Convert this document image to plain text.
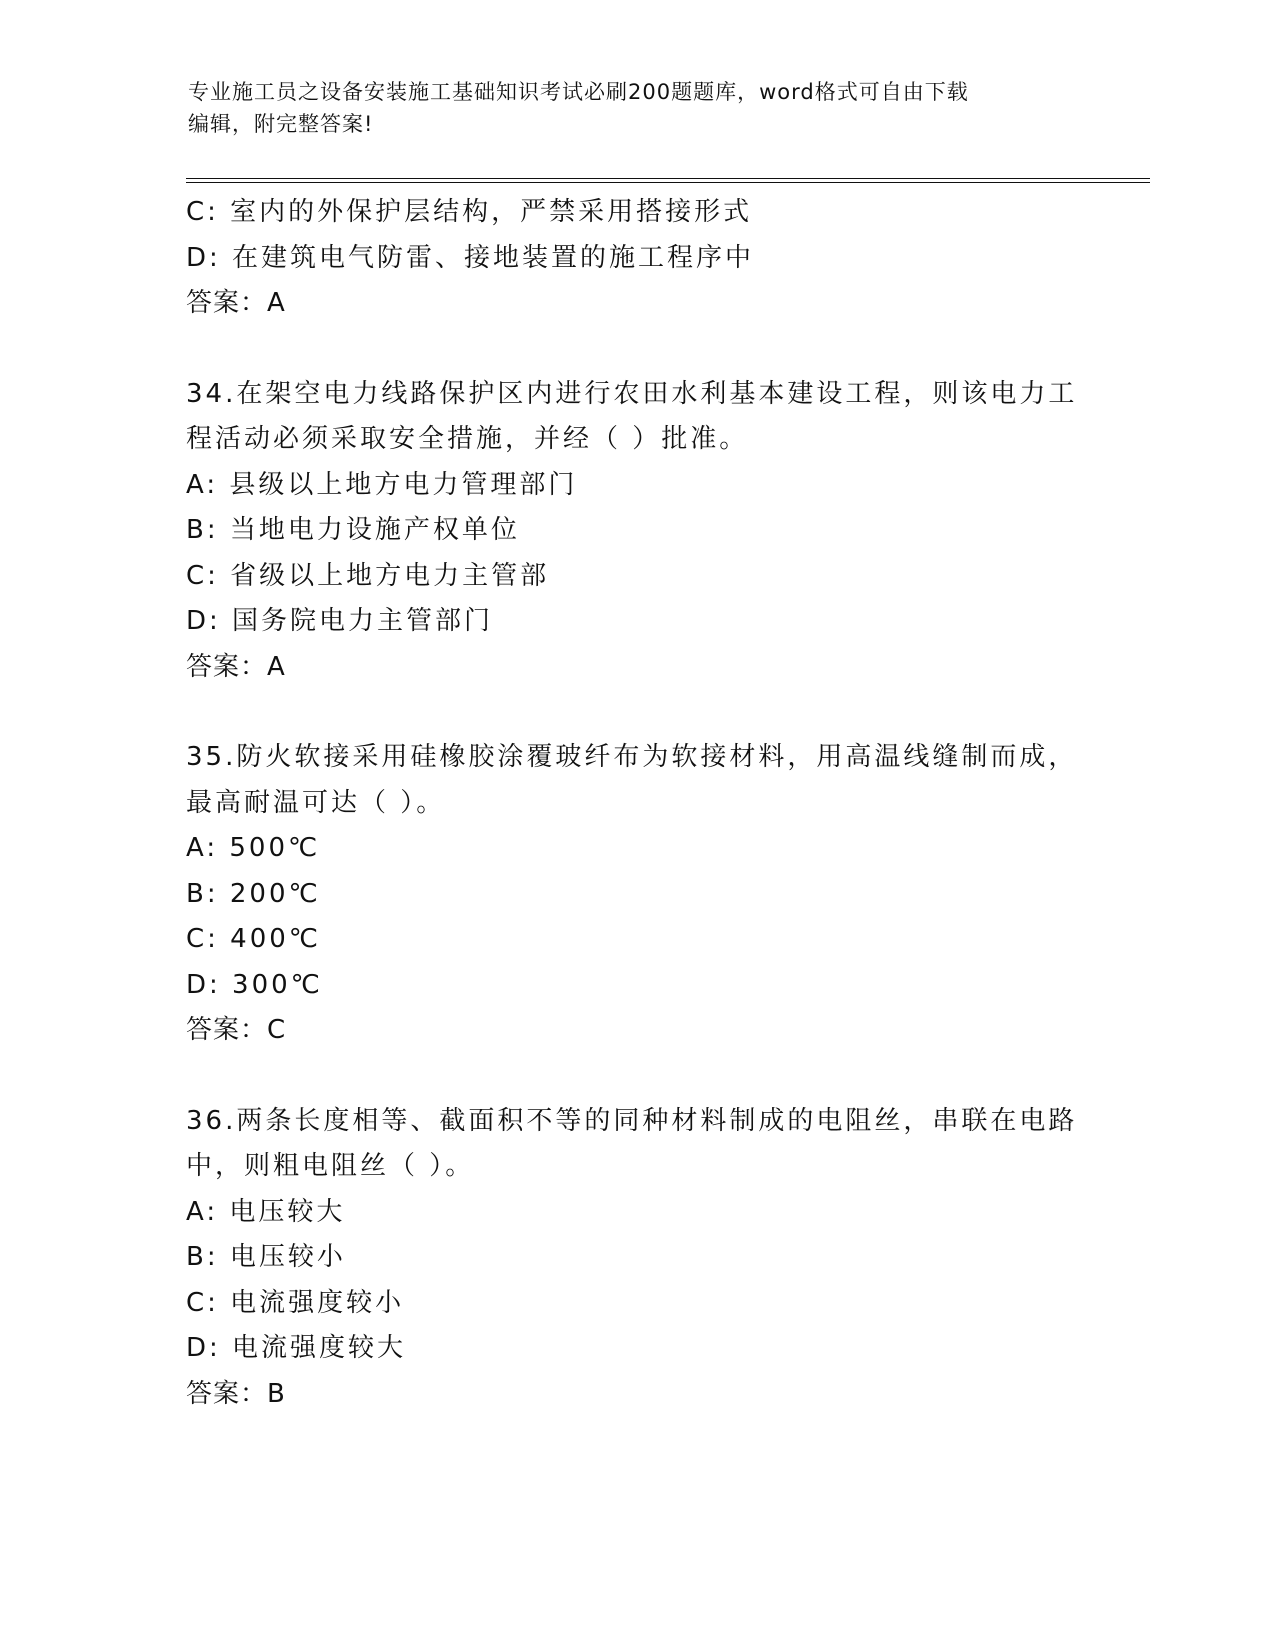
专业施工员之设备安装施工基础知识考试必刷200题题库，word格式可自由下载
编辑，附完整答案!
C: 室内的外保护层结构，严禁采用搭接形式
D: 在建筑电气防雷、接地装置的施工程序中
答案：A
34.在架空电力线路保护区内进行农田水利基本建设工程，则该电力工
程活动必须采取安全措施，并经（ ）批准。
A: 县级以上地方电力管理部门
B: 当地电力设施产权单位
C: 省级以上地方电力主管部
D: 国务院电力主管部门
答案：A
35.防火软接采用硅橡胶涂覆玻纤布为软接材料，用高温线缝制而成，
最高耐温可达（ ）。
A: 500℃
B: 200℃
C: 400℃
D: 300℃
答案：C
36.两条长度相等、截面积不等的同种材料制成的电阻丝，串联在电路
中，则粗电阻丝（ ）。
A: 电压较大
B: 电压较小
C: 电流强度较小
D: 电流强度较大
答案：B
